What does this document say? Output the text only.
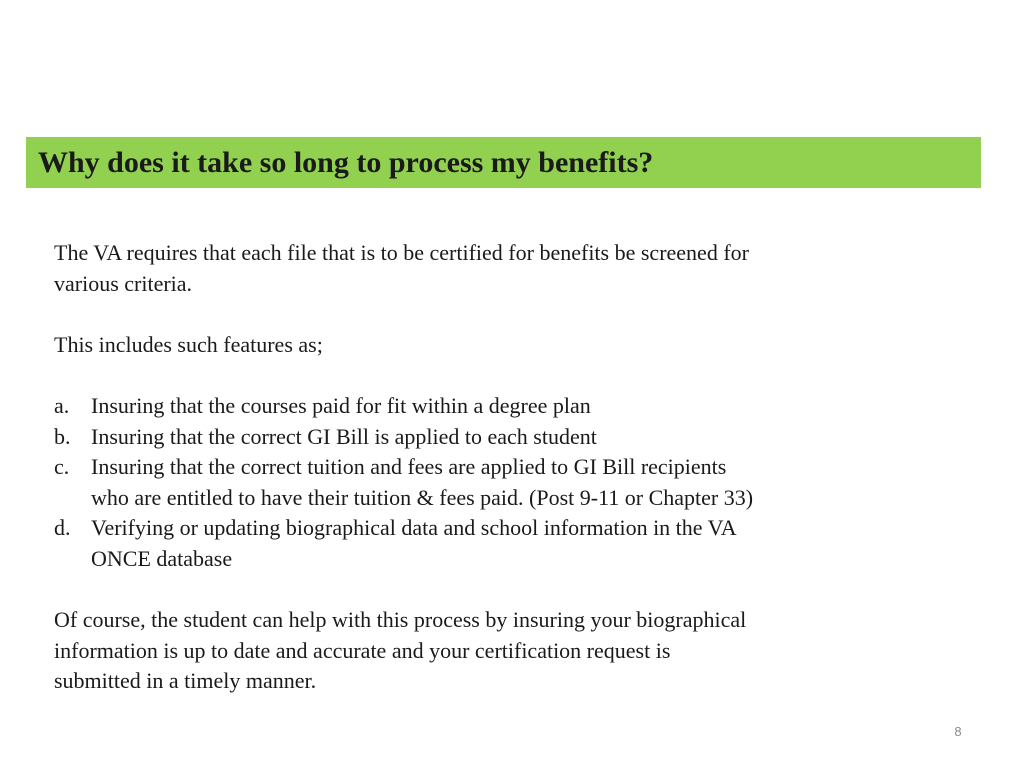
Why does it take so long to process my benefits?

The VA requires that each file that is to be certified for benefits be screened for
various criteria.

This includes such features as;

a. Insuring that the courses paid for fit within a degree plan
b. Insuring that the correct GI Bill is applied to each student
c. Insuring that the correct tuition and fees are applied to GI Bill recipients
who are entitled to have their tuition & fees paid. (Post 9-11 or Chapter 33)
d. Verifying or updating biographical data and school information in the VA
ONCE database

Of course, the student can help with this process by insuring your biographical
information is up to date and accurate and your certification request is
submitted in a timely manner.

8
